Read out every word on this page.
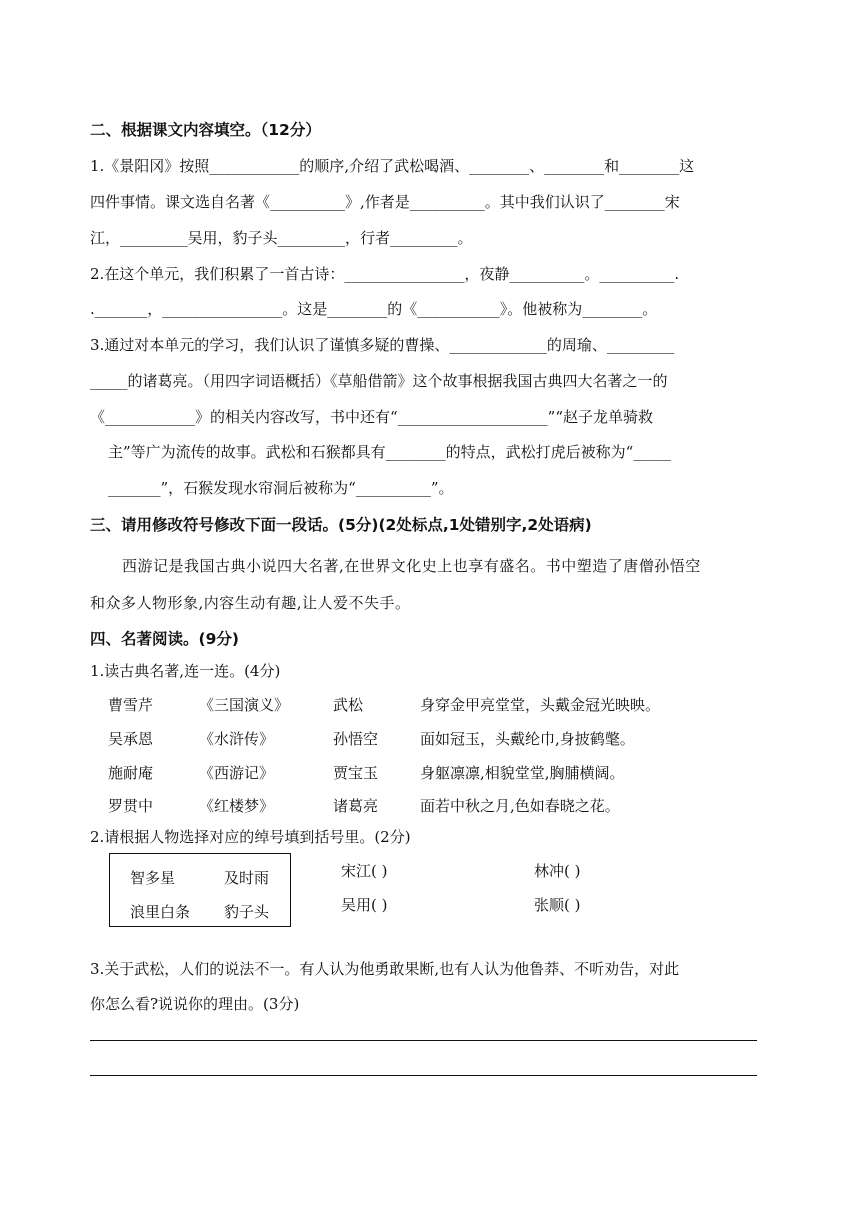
二、根据课文内容填空。（12分）
1.《景阳冈》按照____________的顺序,介绍了武松喝酒、________、________和________这
四件事情。课文选自名著《__________》,作者是__________。其中我们认识了________宋
江，_________吴用，豹子头_________，行者_________。
2.在这个单元，我们积累了一首古诗：________________，夜静__________。__________.
._______，________________。这是________的《___________》。他被称为________。
3.通过对本单元的学习，我们认识了谨慎多疑的曹操、_____________的周瑜、_________
_____的诸葛亮。（用四字词语概括）《草船借箭》这个故事根据我国古典四大名著之一的
《____________》的相关内容改写，书中还有“____________________”“赵子龙单骑救
主”等广为流传的故事。武松和石猴都具有________的特点，武松打虎后被称为“_____
_______”，石猴发现水帘洞后被称为“__________”。
三、请用修改符号修改下面一段话。(5分)(2处标点,1处错别字,2处语病)
西游记是我国古典小说四大名著,在世界文化史上也享有盛名。书中塑造了唐僧孙悟空
和众多人物形象,内容生动有趣,让人爱不失手。
四、名著阅读。(9分)
1.读古典名著,连一连。(4分)
曹雪芹	《三国演义》	武松	身穿金甲亮堂堂，头戴金冠光映映。
吴承恩	《水浒传》	孙悟空	面如冠玉，头戴纶巾,身披鹤氅。
施耐庵	《西游记》	贾宝玉	身躯凛凛,相貌堂堂,胸脯横阔。
罗贯中	《红楼梦》	诸葛亮	面若中秋之月,色如春晓之花。
2.请根据人物选择对应的绰号填到括号里。(2分)
智多星	及时雨
浪里白条 豹子头
宋江( )	林冲( )
吴用( )	张顺( )
3.关于武松，人们的说法不一。有人认为他勇敢果断,也有人认为他鲁莽、不听劝告，对此
你怎么看?说说你的理由。(3分)
